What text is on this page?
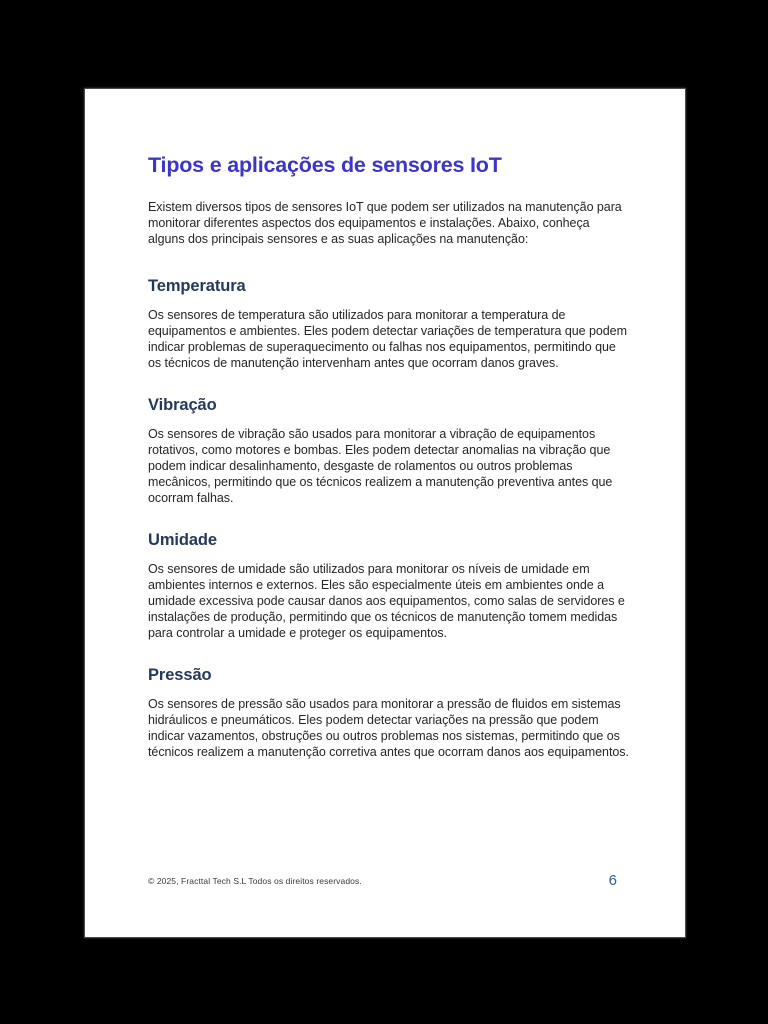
Tipos e aplicações de sensores IoT

Existem diversos tipos de sensores IoT que podem ser utilizados na manutenção para monitorar diferentes aspectos dos equipamentos e instalações. Abaixo, conheça alguns dos principais sensores e as suas aplicações na manutenção:

Temperatura

Os sensores de temperatura são utilizados para monitorar a temperatura de equipamentos e ambientes. Eles podem detectar variações de temperatura que podem indicar problemas de superaquecimento ou falhas nos equipamentos, permitindo que os técnicos de manutenção intervenham antes que ocorram danos graves.

Vibração

Os sensores de vibração são usados para monitorar a vibração de equipamentos rotativos, como motores e bombas. Eles podem detectar anomalias na vibração que podem indicar desalinhamento, desgaste de rolamentos ou outros problemas mecânicos, permitindo que os técnicos realizem a manutenção preventiva antes que ocorram falhas.

Umidade

Os sensores de umidade são utilizados para monitorar os níveis de umidade em ambientes internos e externos. Eles são especialmente úteis em ambientes onde a umidade excessiva pode causar danos aos equipamentos, como salas de servidores e instalações de produção, permitindo que os técnicos de manutenção tomem medidas para controlar a umidade e proteger os equipamentos.

Pressão

Os sensores de pressão são usados para monitorar a pressão de fluidos em sistemas hidráulicos e pneumáticos. Eles podem detectar variações na pressão que podem indicar vazamentos, obstruções ou outros problemas nos sistemas, permitindo que os técnicos realizem a manutenção corretiva antes que ocorram danos aos equipamentos.

© 2025, Fracttal Tech S.L Todos os direitos reservados.	6
